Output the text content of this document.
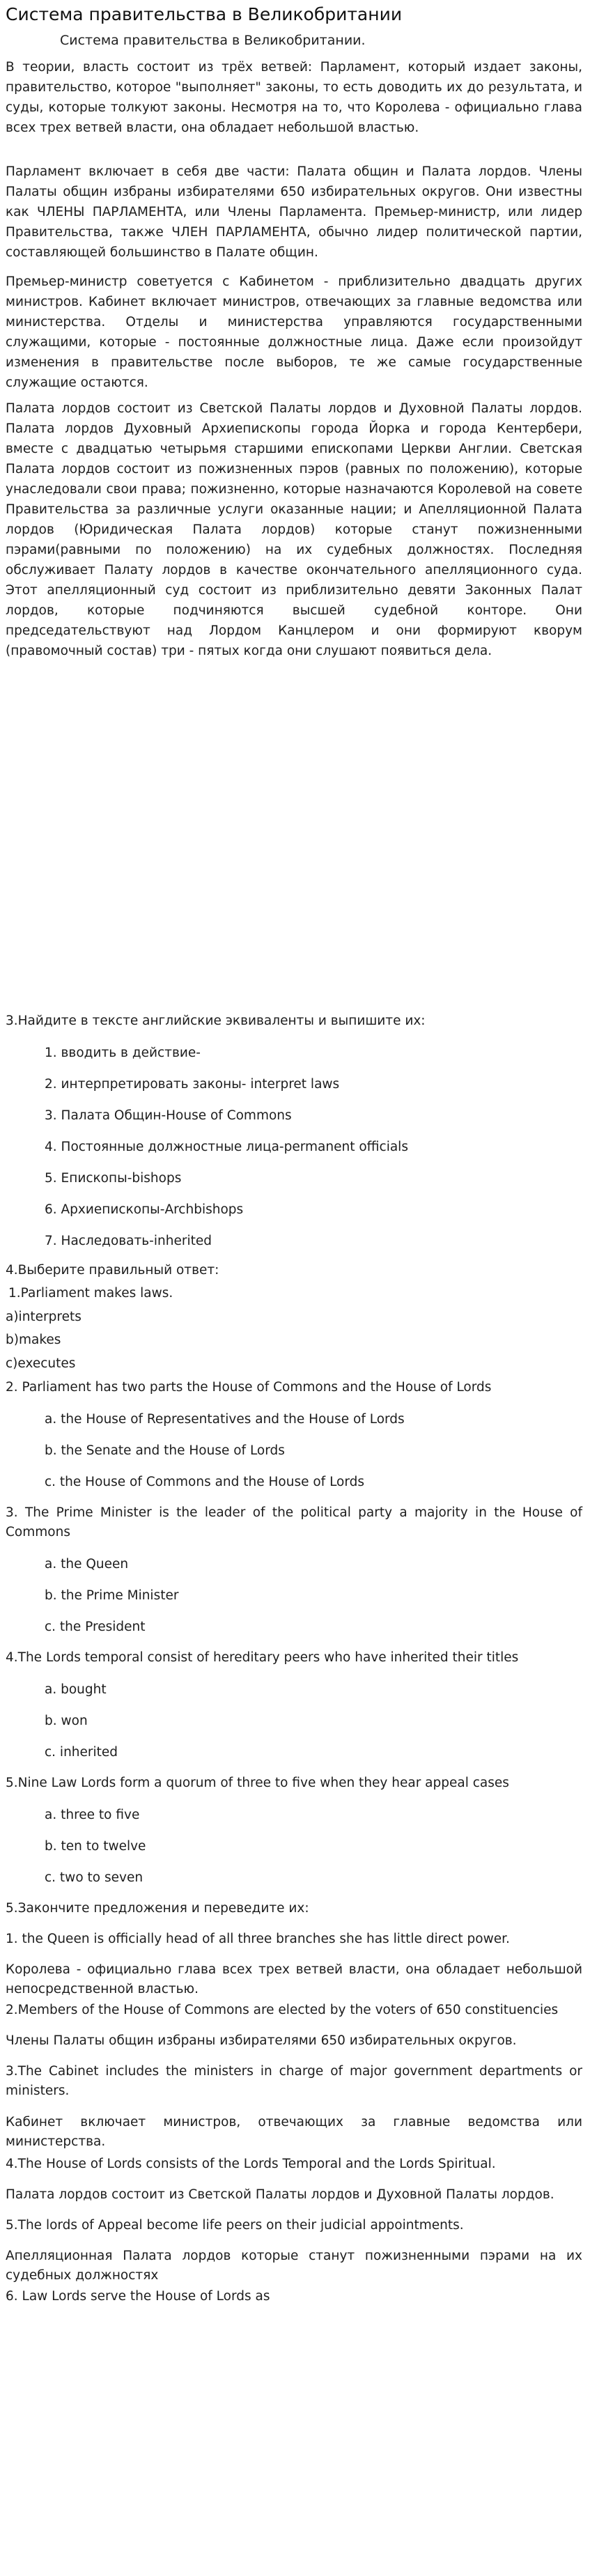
Система правительства в Великобритании
Система правительства в Великобритании.

В теории, власть состоит из трёх ветвей: Парламент, который издает законы, правительство, которое "выполняет" законы, то есть доводить их до результата, и суды, которые толкуют законы. Несмотря на то, что Королева - официально глава всех трех ветвей власти, она обладает небольшой властью.

Парламент включает в себя две части: Палата общин и Палата лордов. Члены Палаты общин избраны избирателями 650 избирательных округов. Они известны как ЧЛЕНЫ ПАРЛАМЕНТА, или Члены Парламента. Премьер-министр, или лидер Правительства, также ЧЛЕН ПАРЛАМЕНТА, обычно лидер политической партии, составляющей большинство в Палате общин.

Премьер-министр советуется с Кабинетом - приблизительно двадцать других министров. Кабинет включает министров, отвечающих за главные ведомства или министерства. Отделы и министерства управляются государственными служащими, которые - постоянные должностные лица. Даже если произойдут изменения в правительстве после выборов, те же самые государственные служащие остаются.

Палата лордов состоит из Светской Палаты лордов и Духовной Палаты лордов. Палата лордов Духовный Архиепископы города Йорка и города Кентербери, вместе с двадцатью четырьмя старшими епископами Церкви Англии. Светская Палата лордов состоит из пожизненных пэров (равных по положению), которые унаследовали свои права; пожизненно, которые назначаются Королевой на совете Правительства за различные услуги оказанные нации; и Апелляционной Палата лордов (Юридическая Палата лордов) которые станут пожизненными пэрами(равными по положению) на их судебных должностях. Последняя обслуживает Палату лордов в качестве окончательного апелляционного суда. Этот апелляционный суд состоит из приблизительно девяти Законных Палат лордов, которые подчиняются высшей судебной конторе. Они председательствуют над Лордом Канцлером и они формируют кворум (правомочный состав) три - пятых когда они слушают появиться дела.

3.Найдите в тексте английские эквиваленты и выпишите их:
1. вводить в действие-
2. интерпретировать законы- interpret laws
3. Палата Общин-House of Commons
4. Постоянные должностные лица-permanent officials
5. Епископы-bishops
6. Архиепископы-Archbishops
7. Наследовать-inherited
4.Выберите правильный ответ:
1.Parliament makes laws.
a)interprets
b)makes
c)executes
2. Parliament has two parts the House of Commons and the House of Lords
a. the House of Representatives and the House of Lords
b. the Senate and the House of Lords
c. the House of Commons and the House of Lords
3. The Prime Minister is the leader of the political party a majority in the House of Commons
a. the Queen
b. the Prime Minister
c. the President
4.The Lords temporal consist of hereditary peers who have inherited their titles
a. bought
b. won
c. inherited
5.Nine Law Lords form a quorum of three to five when they hear appeal cases
a. three to five
b. ten to twelve
c. two to seven
5.Закончите предложения и переведите их:
1. the Queen is officially head of all three branches she has little direct power.
Королева - официально глава всех трех ветвей власти, она обладает небольшой непосредственной властью.
2.Members of the House of Commons are elected by the voters of 650 constituencies
Члены Палаты общин избраны избирателями 650 избирательных округов.
3.The Cabinet includes the ministers in charge of major government departments or ministers.
Кабинет включает министров, отвечающих за главные ведомства или министерства.
4.The House of Lords consists of the Lords Temporal and the Lords Spiritual.
Палата лордов состоит из Светской Палаты лордов и Духовной Палаты лордов.
5.The lords of Appeal become life peers on their judicial appointments.
Апелляционная Палата лордов которые станут пожизненными пэрами на их судебных должностях
6. Law Lords serve the House of Lords as
